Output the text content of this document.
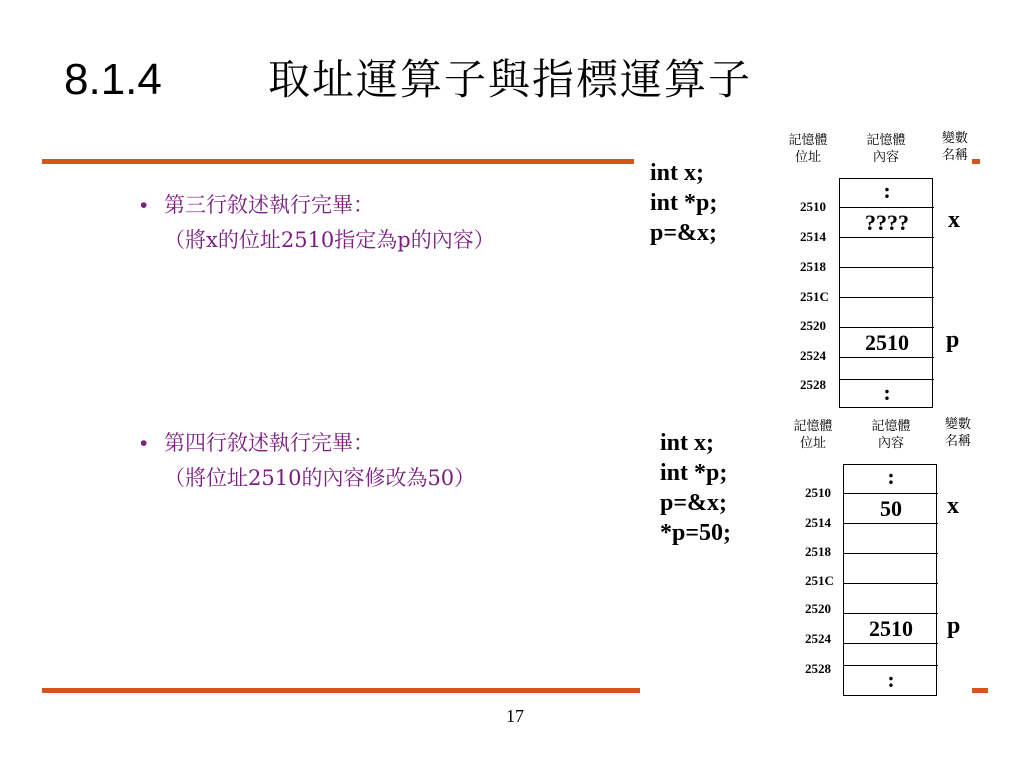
8.1.4	取址運算子與指標運算子
• 第三行敘述執行完畢：
（將x的位址2510指定為p的內容）
• 第四行敘述執行完畢：
（將位址2510的內容修改為50）
int x;
int *p;
p=&x;
int x;
int *p;
p=&x;
*p=50;
記憶體
位址
記憶體
內容
變數
名稱
:
????
2510
:
2510
2514
2518
251C
2520
2524
2528
x
p
記憶體
位址
記憶體
內容
變數
名稱
:
50
2510
:
2510
2514
2518
251C
2520
2524
2528
x
p
17
